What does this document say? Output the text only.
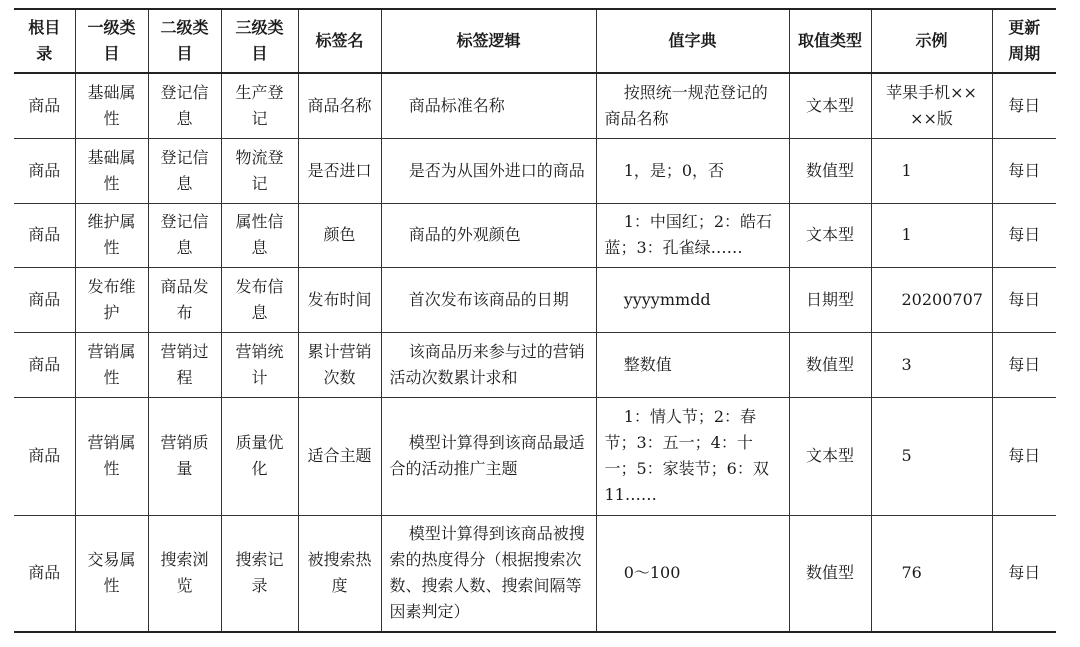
根目录	一级类目	二级类目	三级类目	标签名	标签逻辑	值字典	取值类型	示例	更新周期
商品	基础属性	登记信息	生产登记	商品名称	商品标准名称	按照统一规范登记的商品名称	文本型	苹果手机××××版	每日
商品	基础属性	登记信息	物流登记	是否进口	是否为从国外进口的商品	1，是；0，否	数值型	1	每日
商品	维护属性	登记信息	属性信息	颜色	商品的外观颜色	1：中国红；2：皓石蓝；3：孔雀绿……	文本型	1	每日
商品	发布维护	商品发布	发布信息	发布时间	首次发布该商品的日期	yyyymmdd	日期型	20200707	每日
商品	营销属性	营销过程	营销统计	累计营销次数	该商品历来参与过的营销活动次数累计求和	整数值	数值型	3	每日
商品	营销属性	营销质量	质量优化	适合主题	模型计算得到该商品最适合的活动推广主题	1：情人节；2：春节；3：五一；4：十一；5：家装节；6：双 11……	文本型	5	每日
商品	交易属性	搜索浏览	搜索记录	被搜索热度	模型计算得到该商品被搜索的热度得分（根据搜索次数、搜索人数、搜索间隔等因素判定）	0～100	数值型	76	每日
